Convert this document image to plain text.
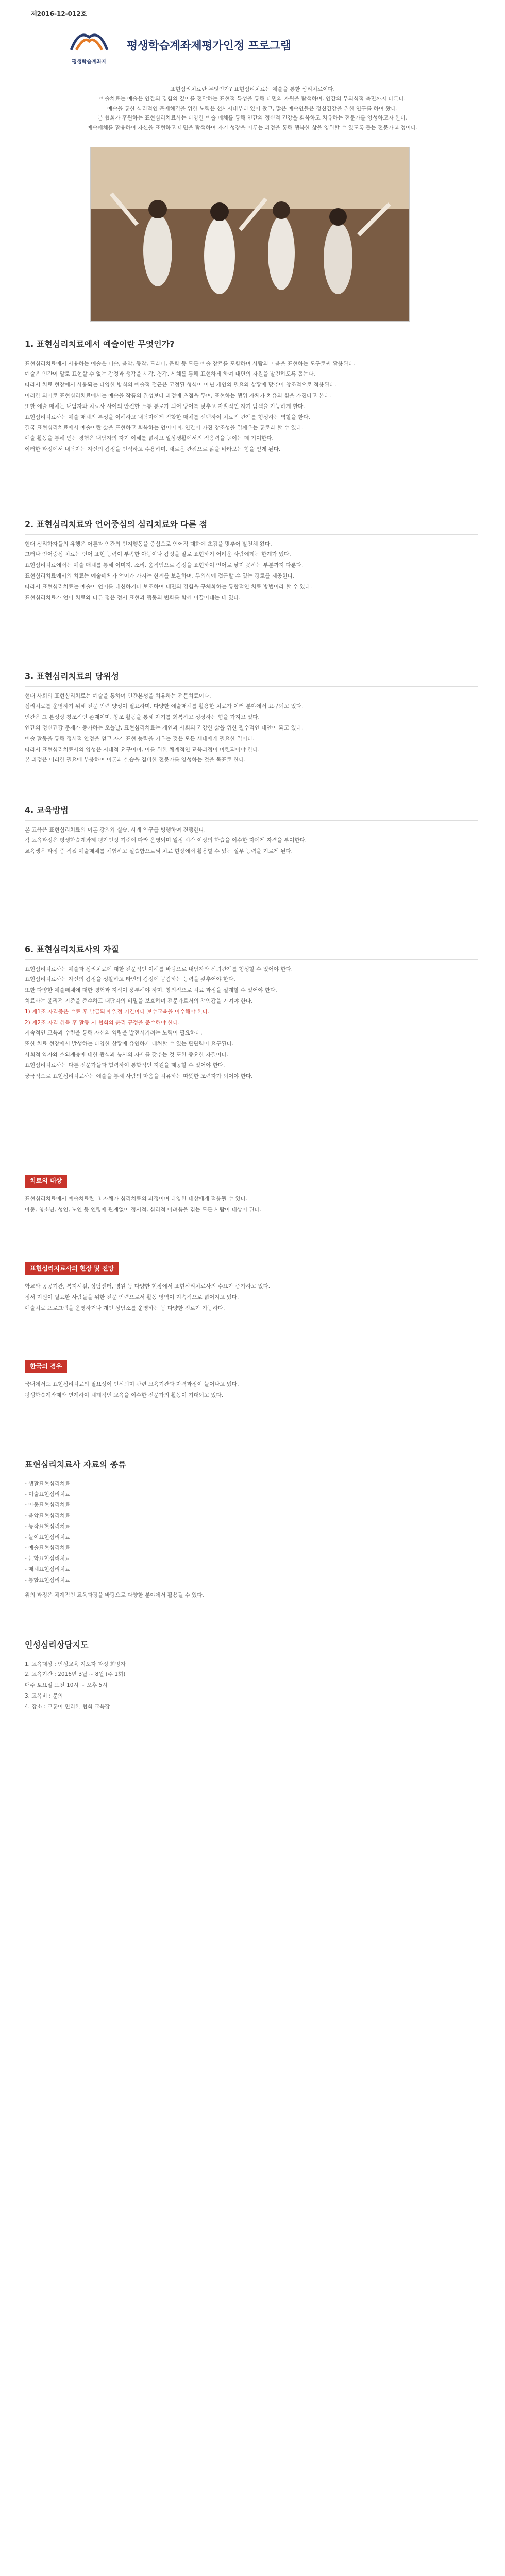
제2016-12-012호
평생학습계좌제
평생학습계좌제평가인정 프로그램

표현심리치료란 무엇인가? 표현심리치료는 예술을 통한 심리치료이다.

예술치료는 예술은 인간의 경험의 깊이를 전달하는 표현적 특성을 통해 내면의 자원을 탐색하며, 인간의 무의식적 측면까지 다룬다.

예술을 통한 심리적인 문제해결을 위한 노력은 선사시대부터 있어 왔고, 많은 예술인들은 정신건강을 위한 연구를 하여 왔다.

본 협회가 후원하는 표현심리치료사는 다양한 예술 매체를 통해 인간의 정신적 건강을 회복하고 치유하는 전문가를 양성하고자 한다.

예술매체를 활용하여 자신을 표현하고 내면을 탐색하여 자기 성장을 이루는 과정을 통해 행복한 삶을 영위할 수 있도록 돕는 전문가 과정이다.

1. 표현심리치료에서 예술이란 무엇인가?

표현심리치료에서 사용하는 예술은 미술, 음악, 동작, 드라마, 문학 등 모든 예술 장르를 포함하며 사람의 마음을 표현하는 도구로써 활용된다.

예술은 인간이 말로 표현할 수 없는 감정과 생각을 시각, 청각, 신체를 통해 표현하게 하여 내면의 자원을 발견하도록 돕는다.

따라서 치료 현장에서 사용되는 다양한 방식의 예술적 접근은 고정된 형식이 아닌 개인의 필요와 상황에 맞추어 창조적으로 적용된다.

이러한 의미로 표현심리치료에서는 예술을 작품의 완성보다 과정에 초점을 두며, 표현하는 행위 자체가 치유의 힘을 가진다고 본다.

또한 예술 매체는 내담자와 치료사 사이의 안전한 소통 통로가 되어 방어를 낮추고 자발적인 자기 탐색을 가능하게 한다.

표현심리치료사는 예술 매체의 특성을 이해하고 내담자에게 적합한 매체를 선택하여 치료적 관계를 형성하는 역할을 한다.

결국 표현심리치료에서 예술이란 삶을 표현하고 회복하는 언어이며, 인간이 가진 창조성을 일깨우는 통로라 할 수 있다.

예술 활동을 통해 얻는 경험은 내담자의 자기 이해를 넓히고 일상생활에서의 적응력을 높이는 데 기여한다.

이러한 과정에서 내담자는 자신의 감정을 인식하고 수용하며, 새로운 관점으로 삶을 바라보는 힘을 얻게 된다.

2. 표현심리치료와 언어중심의 심리치료와 다른 점

현대 심리학자들의 유행은 어른과 인간의 인지행동을 중심으로 언어적 대화에 초점을 맞추어 발전해 왔다.

그러나 언어중심 치료는 언어 표현 능력이 부족한 아동이나 감정을 말로 표현하기 어려운 사람에게는 한계가 있다.

표현심리치료에서는 예술 매체를 통해 이미지, 소리, 움직임으로 감정을 표현하여 언어로 닿지 못하는 부분까지 다룬다.

표현심리치료에서의 치료는 예술매체가 언어가 가지는 한계를 보완하며, 무의식에 접근할 수 있는 경로를 제공한다.

따라서 표현심리치료는 예술이 언어를 대신하거나 보조하여 내면의 경험을 구체화하는 통합적인 치료 방법이라 할 수 있다.

표현심리치료가 언어 치료와 다른 점은 정서 표현과 행동의 변화를 함께 이끌어내는 데 있다.

3. 표현심리치료의 당위성

현대 사회의 표현심리치료는 예술을 통하여 인간본성을 치유하는 전문치료이다.

심리치료를 운영하기 위해 전문 인력 양성이 필요하며, 다양한 예술매체를 활용한 치료가 여러 분야에서 요구되고 있다.

인간은 그 본성상 창조적인 존재이며, 창조 활동을 통해 자기를 회복하고 성장하는 힘을 가지고 있다.

인간의 정신건강 문제가 증가하는 오늘날, 표현심리치료는 개인과 사회의 건강한 삶을 위한 필수적인 대안이 되고 있다.

예술 활동을 통해 정서적 안정을 얻고 자기 표현 능력을 키우는 것은 모든 세대에게 필요한 일이다.

따라서 표현심리치료사의 양성은 시대적 요구이며, 이를 위한 체계적인 교육과정이 마련되어야 한다.

본 과정은 이러한 필요에 부응하여 이론과 실습을 겸비한 전문가를 양성하는 것을 목표로 한다.

4. 교육방법

본 교육은 표현심리치료의 이론 강의와 실습, 사례 연구를 병행하여 진행한다.

각 교육과정은 평생학습계좌제 평가인정 기준에 따라 운영되며 일정 시간 이상의 학습을 이수한 자에게 자격을 부여한다.

교육생은 과정 중 직접 예술매체를 체험하고 실습함으로써 치료 현장에서 활용할 수 있는 실무 능력을 기르게 된다.

6. 표현심리치료사의 자질

표현심리치료사는 예술과 심리치료에 대한 전문적인 이해를 바탕으로 내담자와 신뢰관계를 형성할 수 있어야 한다.

표현심리치료사는 자신의 감정을 성찰하고 타인의 감정에 공감하는 능력을 갖추어야 한다.

또한 다양한 예술매체에 대한 경험과 지식이 풍부해야 하며, 창의적으로 치료 과정을 설계할 수 있어야 한다.

치료사는 윤리적 기준을 준수하고 내담자의 비밀을 보호하며 전문가로서의 책임감을 가져야 한다.

1) 제1조 자격증은 수료 후 발급되며 일정 기간마다 보수교육을 이수해야 한다.

2) 제2조 자격 취득 후 활동 시 협회의 윤리 규정을 준수해야 한다.

지속적인 교육과 수련을 통해 자신의 역량을 발전시키려는 노력이 필요하다.

또한 치료 현장에서 발생하는 다양한 상황에 유연하게 대처할 수 있는 판단력이 요구된다.

사회적 약자와 소외계층에 대한 관심과 봉사의 자세를 갖추는 것 또한 중요한 자질이다.

표현심리치료사는 다른 전문가들과 협력하여 통합적인 지원을 제공할 수 있어야 한다.

궁극적으로 표현심리치료사는 예술을 통해 사람의 마음을 치유하는 따뜻한 조력자가 되어야 한다.

치료의 대상

표현심리치료에서 예술치료란 그 자체가 심리치료의 과정이며 다양한 대상에게 적용될 수 있다.

아동, 청소년, 성인, 노인 등 연령에 관계없이 정서적, 심리적 어려움을 겪는 모든 사람이 대상이 된다.

표현심리치료사의 현장 및 전망

학교와 공공기관, 복지시설, 상담센터, 병원 등 다양한 현장에서 표현심리치료사의 수요가 증가하고 있다.

정서 지원이 필요한 사람들을 위한 전문 인력으로서 활동 영역이 지속적으로 넓어지고 있다.

예술치료 프로그램을 운영하거나 개인 상담소를 운영하는 등 다양한 진로가 가능하다.

한국의 경우

국내에서도 표현심리치료의 필요성이 인식되며 관련 교육기관과 자격과정이 늘어나고 있다.

평생학습계좌제와 연계하여 체계적인 교육을 이수한 전문가의 활동이 기대되고 있다.

표현심리치료사 자료의 종류

- 생활표현심리치료

- 미술표현심리치료

- 아동표현심리치료

- 음악표현심리치료

- 동작표현심리치료

- 놀이표현심리치료

- 예술표현심리치료

- 문학표현심리치료

- 매체표현심리치료

- 통합표현심리치료

위의 과정은 체계적인 교육과정을 바탕으로 다양한 분야에서 활용될 수 있다.

인성심리상담지도

1. 교육대상 : 인성교육 지도자 과정 희망자

2. 교육기간 : 2016년 3월 ~ 8월 (주 1회)

매주 토요일 오전 10시 ~ 오후 5시

3. 교육비 : 문의

4. 장소 : 교통이 편리한 협회 교육장
